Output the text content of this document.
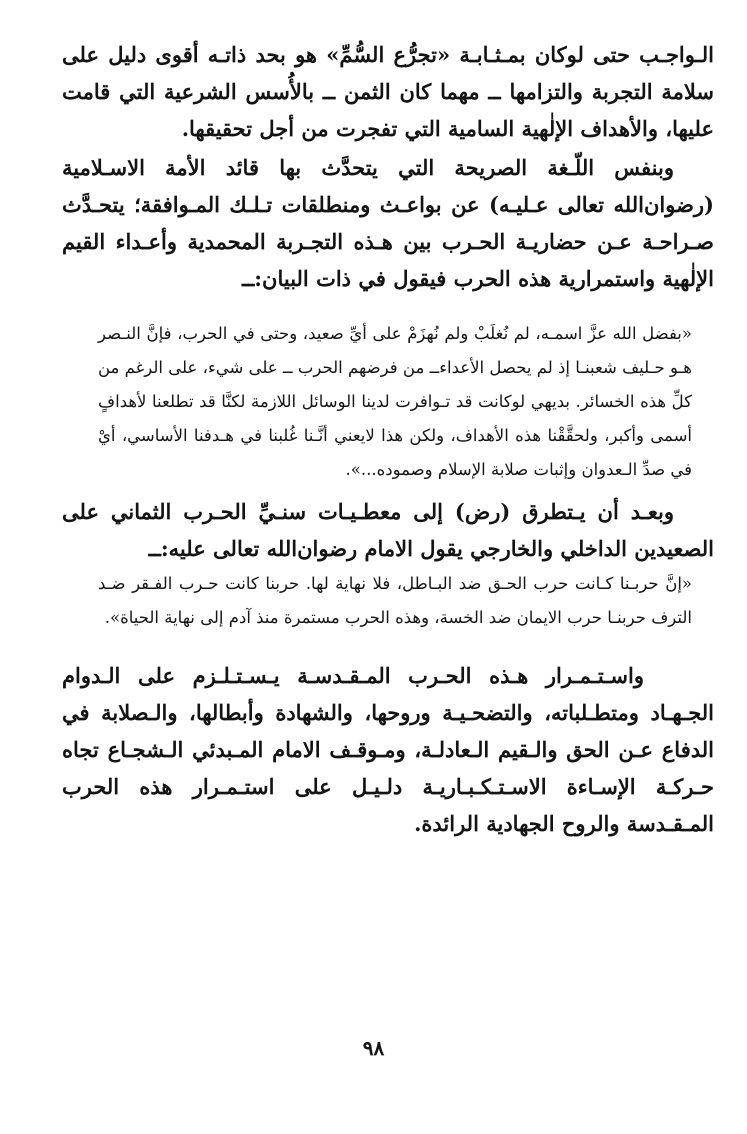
الـواجـب حتى لوكان بمـثـابـة «تجرُّع السُّمِّ» هو بحد ذاتـه أقوى دليل على سلامة التجربة والتزامها ــ مهما كان الثمن ــ بالأُسس الشرعية التي قامت عليها، والأهداف الإلٰهية السامية التي تفجرت من أجل تحقيقها.

وبنفس اللّـغة الصريحة التي يتحدَّث بها قائد الأمة الاسـلامية (رضوان‌الله تعالى عـليـه) عن بواعـث ومنطلقات تـلـك المـوافقة؛ يتحـدَّث صـراحـة عـن حضاريـة الحـرب بين هـذه التجـربة المحمدية وأعـداء القيم الإلٰهية واستمرارية هذه الحرب فيقول في ذات البيان:ــ

«بفضل الله عزَّ اسمـه، لم نُغلَبْ ولم نُهزَمْ على أيِّ صعيد، وحتى في الحرب، فإنَّ النـصر هـو حـليف شعبنـا إذ لم يحصل الأعداءــ من فرضهم الحرب ــ على شيء، على الرغم من كلِّ هذه الخسائر. بديهي لوكانت قد تـوافرت لدينا الوسائل اللازمة لكنَّا قد تطلعنا لأهدافٍ أسمى وأكبر، ولحقَّقْنا هذه الأهداف، ولكن هذا لايعني أنَّـنا غُلبنا في هـدفنا الأساسي، أيْ في صدِّ الـعدوان وإثبات صلابة الإسلام وصموده...».

وبعـد أن يـتطرق (رض) إلى معطـيـات سنـيِّ الحـرب الثماني على الصعيدين الداخلي والخارجي يقول الامام رضوان‌الله تعالى عليه:ــ

«إنَّ حربـنا كـانت حرب الحـق ضد البـاطل، فلا نهاية لها. حربنا كانت حـرب الفـقر ضـد الترف حربنـا حرب الايمان ضد الخسة، وهذه الحرب مستمرة منذ آدم إلى نهاية الحياة».

واسـتـمـرار هـذه الحـرب المـقـدسـة يـسـتـلـزم على الـدوام الجـهـاد ومتطـلباته، والتضحـيـة وروحها، والشهادة وأبطالها، والـصلابة في الدفاع عـن الحق والـقيم الـعادلـة، ومـوقـف الامام المـبدئي الـشجـاع تجاه حـركـة الإسـاءة الاسـتـكـبـاريـة دلـيـل على استـمـرار هذه الحرب المـقـدسة والروح الجهادية الرائدة.

٩٨
